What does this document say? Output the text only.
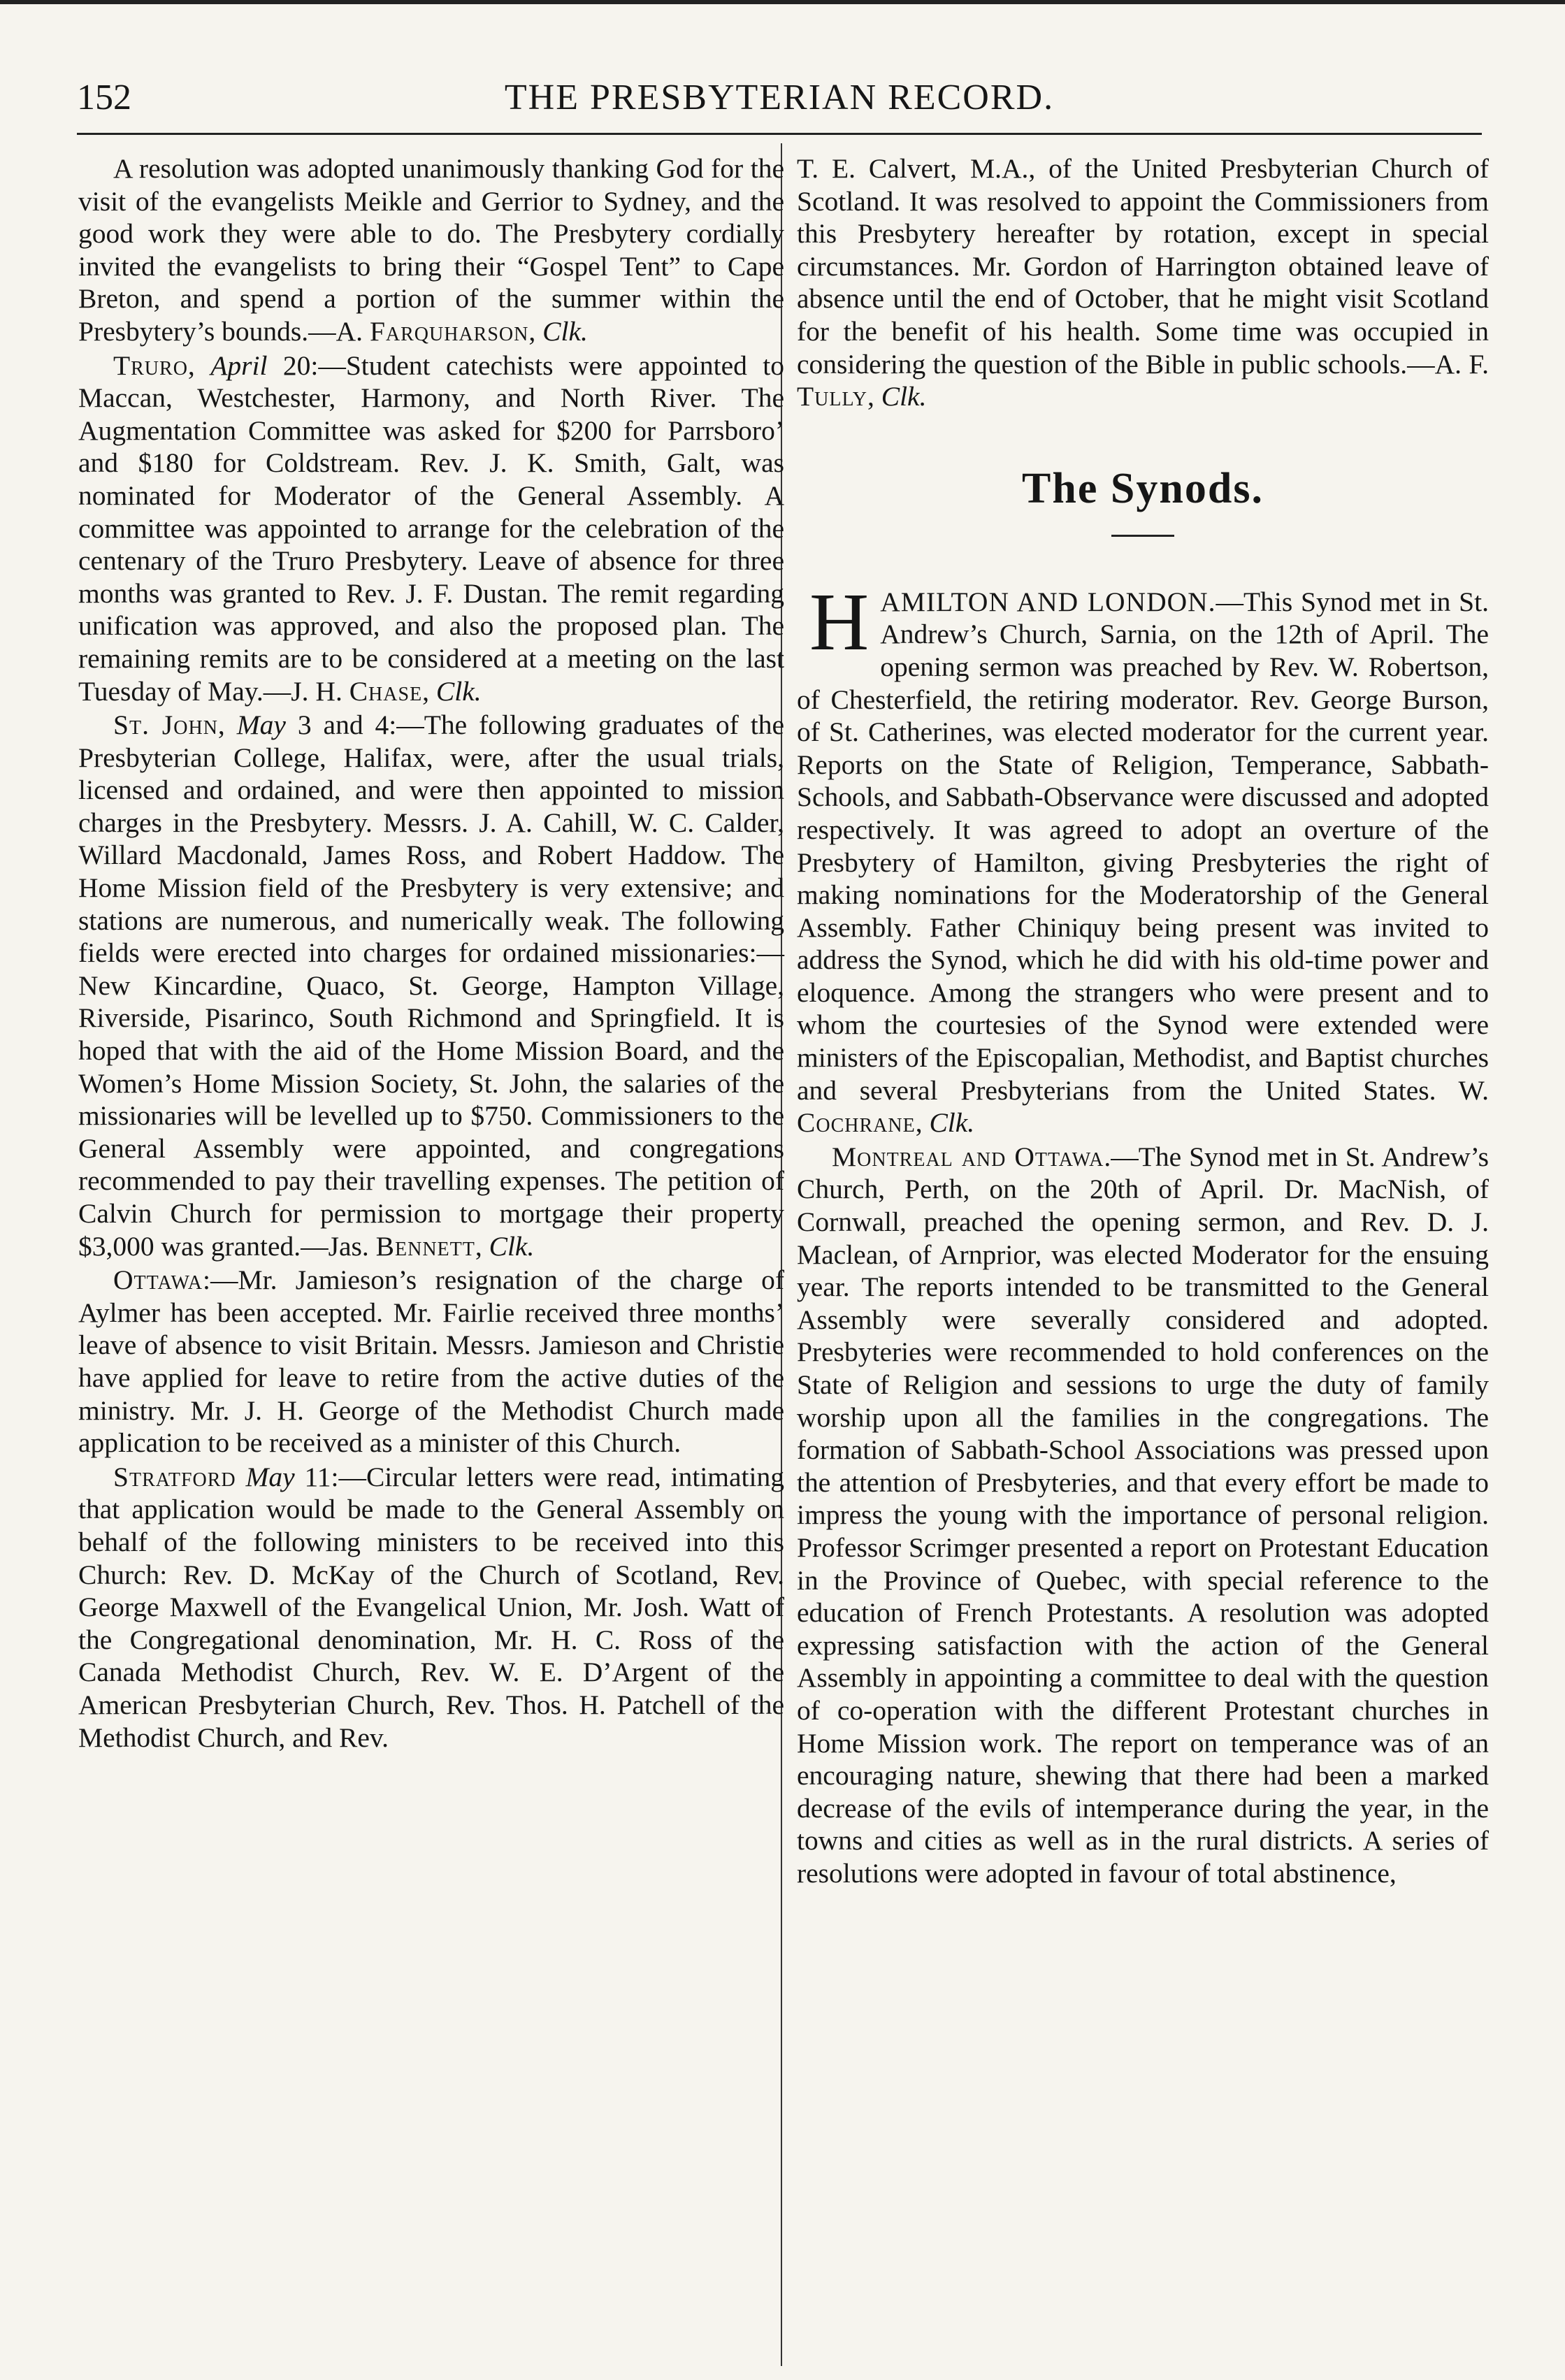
152	THE PRESBYTERIAN RECORD.

A resolution was adopted unanimously thanking God for the visit of the evangelists Meikle and Gerrior to Sydney, and the good work they were able to do. The Presbytery cordially invited the evangelists to bring their “Gospel Tent” to Cape Breton, and spend a portion of the summer within the Presbytery’s bounds.—A. Farquharson, Clk.

Truro, April 20:—Student catechists were appointed to Maccan, Westchester, Harmony, and North River. The Augmentation Committee was asked for $200 for Parrsboro’ and $180 for Coldstream. Rev. J. K. Smith, Galt, was nominated for Moderator of the General Assembly. A committee was appointed to arrange for the celebration of the centenary of the Truro Presbytery. Leave of absence for three months was granted to Rev. J. F. Dustan. The remit regarding unification was approved, and also the proposed plan. The remaining remits are to be considered at a meeting on the last Tuesday of May.—J. H. Chase, Clk.

St. John, May 3 and 4:—The following graduates of the Presbyterian College, Halifax, were, after the usual trials, licensed and ordained, and were then appointed to mission charges in the Presbytery. Messrs. J. A. Cahill, W. C. Calder, Willard Macdonald, James Ross, and Robert Haddow. The Home Mission field of the Presbytery is very extensive; and stations are numerous, and numerically weak. The following fields were erected into charges for ordained missionaries:—New Kincardine, Quaco, St. George, Hampton Village, Riverside, Pisarinco, South Richmond and Springfield. It is hoped that with the aid of the Home Mission Board, and the Women’s Home Mission Society, St. John, the salaries of the missionaries will be levelled up to $750. Commissioners to the General Assembly were appointed, and congregations recommended to pay their travelling expenses. The petition of Calvin Church for permission to mortgage their property $3,000 was granted.—Jas. Bennett, Clk.

Ottawa:—Mr. Jamieson’s resignation of the charge of Aylmer has been accepted. Mr. Fairlie received three months’ leave of absence to visit Britain. Messrs. Jamieson and Christie have applied for leave to retire from the active duties of the ministry. Mr. J. H. George of the Methodist Church made application to be received as a minister of this Church.

Stratford May 11:—Circular letters were read, intimating that application would be made to the General Assembly on behalf of the following ministers to be received into this Church: Rev. D. McKay of the Church of Scotland, Rev. George Maxwell of the Evangelical Union, Mr. Josh. Watt of the Congregational denomination, Mr. H. C. Ross of the Canada Methodist Church, Rev. W. E. D’Argent of the American Presbyterian Church, Rev. Thos. H. Patchell of the Methodist Church, and Rev.

T. E. Calvert, M.A., of the United Presbyterian Church of Scotland. It was resolved to appoint the Commissioners from this Presbytery hereafter by rotation, except in special circumstances. Mr. Gordon of Harrington obtained leave of absence until the end of October, that he might visit Scotland for the benefit of his health. Some time was occupied in considering the question of the Bible in public schools.—A. F. Tully, Clk.

The Synods.

HAMILTON AND LONDON.—This Synod met in St. Andrew’s Church, Sarnia, on the 12th of April. The opening sermon was preached by Rev. W. Robertson, of Chesterfield, the retiring moderator. Rev. George Burson, of St. Catherines, was elected moderator for the current year. Reports on the State of Religion, Temperance, Sabbath-Schools, and Sabbath-Observance were discussed and adopted respectively. It was agreed to adopt an overture of the Presbytery of Hamilton, giving Presbyteries the right of making nominations for the Moderatorship of the General Assembly. Father Chiniquy being present was invited to address the Synod, which he did with his old-time power and eloquence. Among the strangers who were present and to whom the courtesies of the Synod were extended were ministers of the Episcopalian, Methodist, and Baptist churches and several Presbyterians from the United States. W. Cochrane, Clk.

Montreal and Ottawa.—The Synod met in St. Andrew’s Church, Perth, on the 20th of April. Dr. MacNish, of Cornwall, preached the opening sermon, and Rev. D. J. Maclean, of Arnprior, was elected Moderator for the ensuing year. The reports intended to be transmitted to the General Assembly were severally considered and adopted. Presbyteries were recommended to hold conferences on the State of Religion and sessions to urge the duty of family worship upon all the families in the congregations. The formation of Sabbath-School Associations was pressed upon the attention of Presbyteries, and that every effort be made to impress the young with the importance of personal religion. Professor Scrimger presented a report on Protestant Education in the Province of Quebec, with special reference to the education of French Protestants. A resolution was adopted expressing satisfaction with the action of the General Assembly in appointing a committee to deal with the question of co-operation with the different Protestant churches in Home Mission work. The report on temperance was of an encouraging nature, shewing that there had been a marked decrease of the evils of intemperance during the year, in the towns and cities as well as in the rural districts. A series of resolutions were adopted in favour of total abstinence,
